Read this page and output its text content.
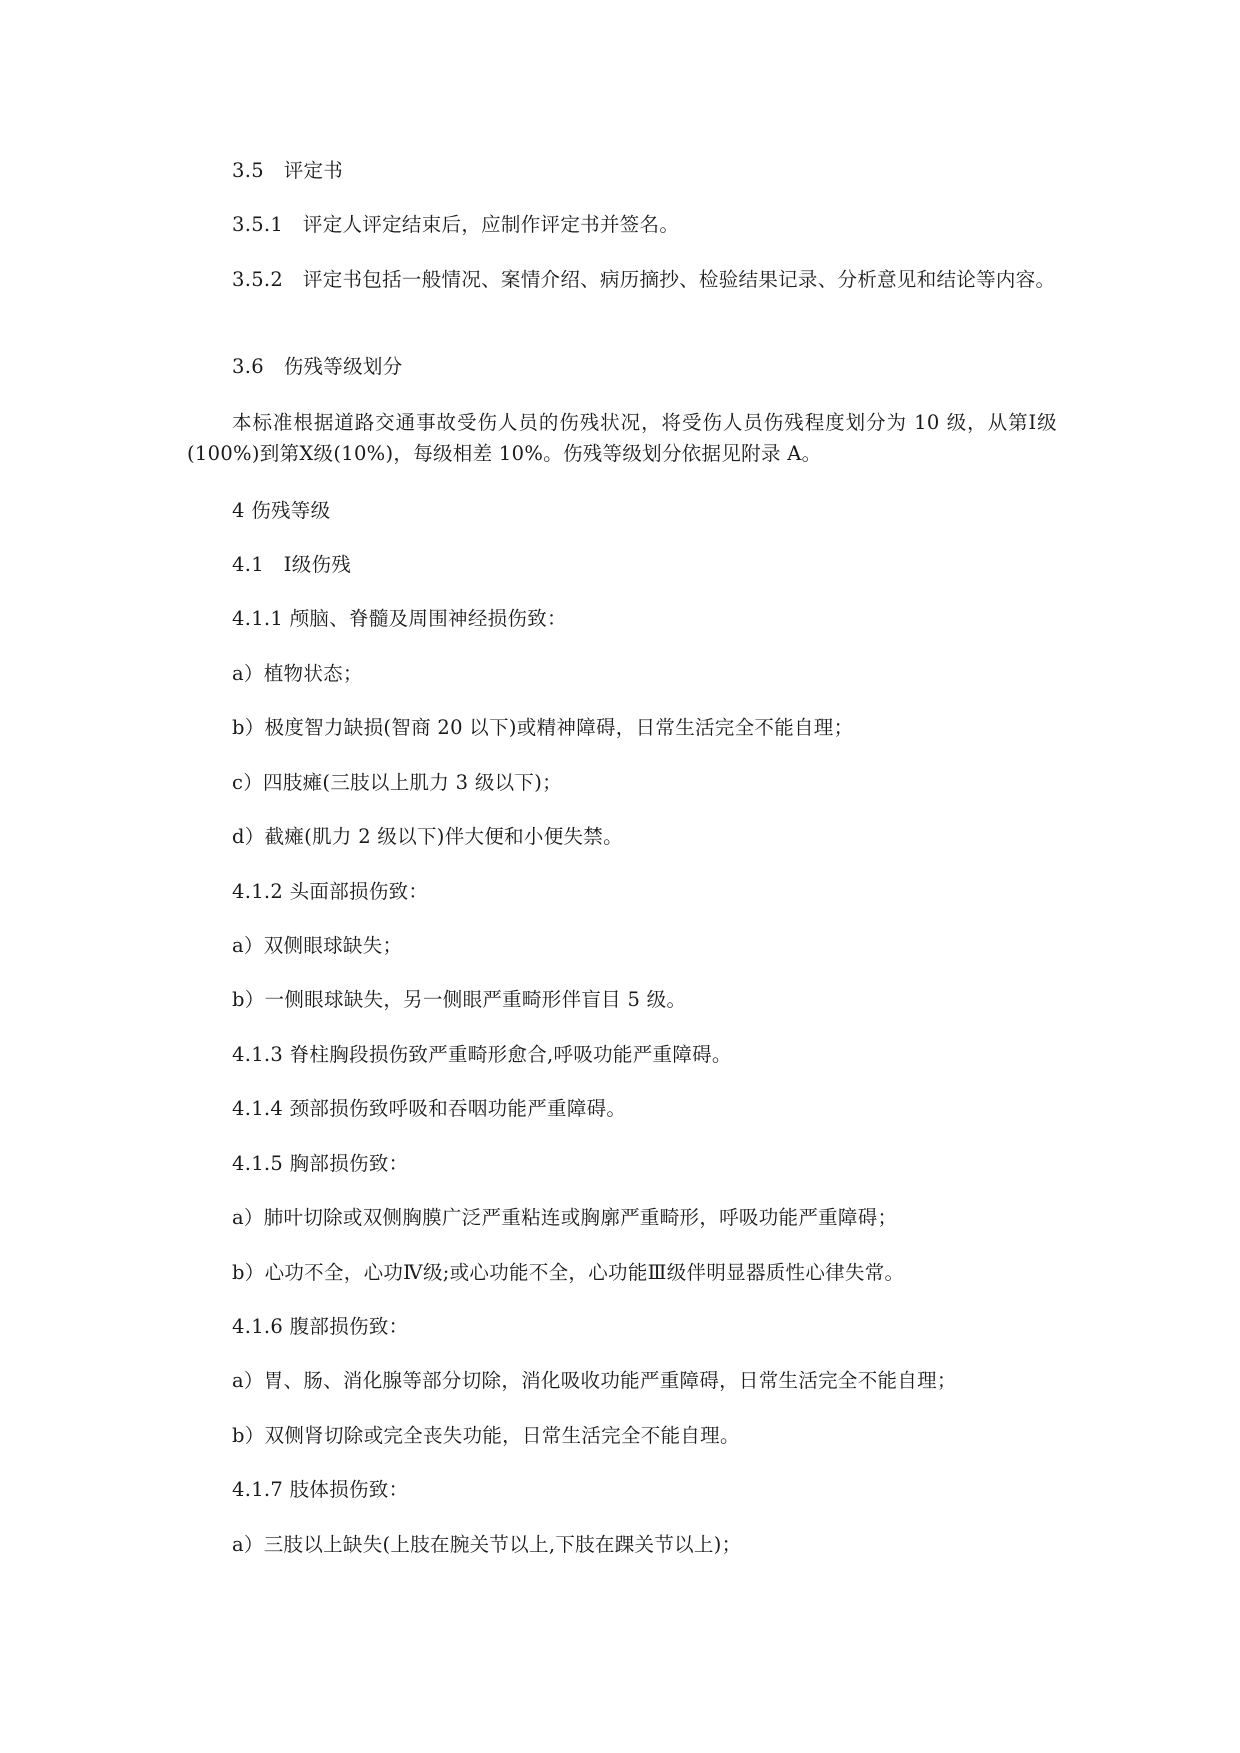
3.5　评定书
3.5.1　评定人评定结束后，应制作评定书并签名。
3.5.2　评定书包括一般情况、案情介绍、病历摘抄、检验结果记录、分析意见和结论等内容。
3.6　伤残等级划分
本标准根据道路交通事故受伤人员的伤残状况，将受伤人员伤残程度划分为 10 级，从第Ⅰ级(100%)到第Ⅹ级(10%)，每级相差 10%。伤残等级划分依据见附录 A。
4 伤残等级
4.1　Ⅰ级伤残
4.1.1 颅脑、脊髓及周围神经损伤致：
a）植物状态；
b）极度智力缺损(智商 20 以下)或精神障碍，日常生活完全不能自理；
c）四肢瘫(三肢以上肌力 3 级以下)；
d）截瘫(肌力 2 级以下)伴大便和小便失禁。
4.1.2 头面部损伤致：
a）双侧眼球缺失；
b）一侧眼球缺失，另一侧眼严重畸形伴盲目 5 级。
4.1.3 脊柱胸段损伤致严重畸形愈合,呼吸功能严重障碍。
4.1.4 颈部损伤致呼吸和吞咽功能严重障碍。
4.1.5 胸部损伤致：
a）肺叶切除或双侧胸膜广泛严重粘连或胸廓严重畸形，呼吸功能严重障碍；
b）心功不全，心功Ⅳ级;或心功能不全，心功能Ⅲ级伴明显器质性心律失常。
4.1.6 腹部损伤致：
a）胃、肠、消化腺等部分切除，消化吸收功能严重障碍，日常生活完全不能自理；
b）双侧肾切除或完全丧失功能，日常生活完全不能自理。
4.1.7 肢体损伤致：
a）三肢以上缺失(上肢在腕关节以上,下肢在踝关节以上)；
